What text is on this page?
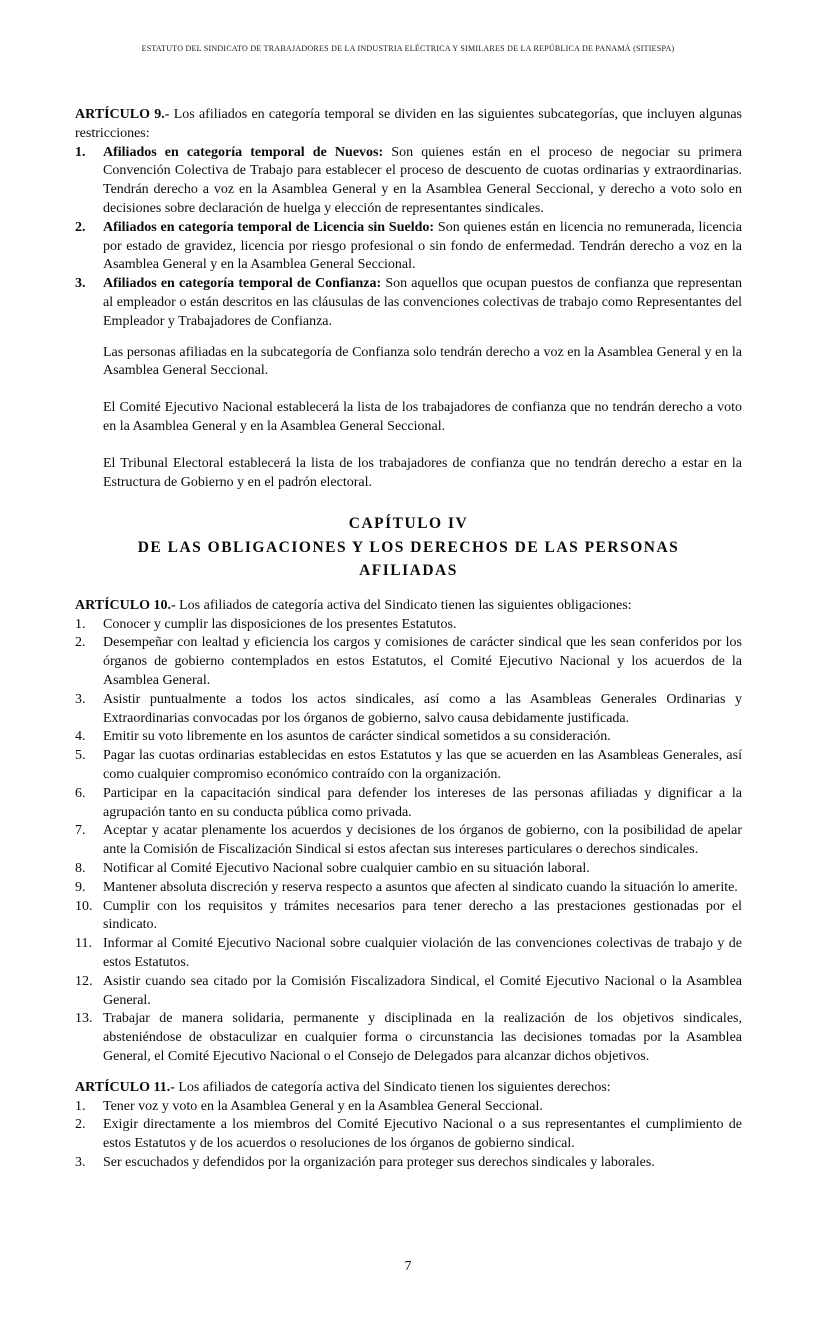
ESTATUTO DEL SINDICATO DE TRABAJADORES DE LA INDUSTRIA ELÉCTRICA Y SIMILARES DE LA REPÚBLICA DE PANAMÁ (SITIESPA)

ARTÍCULO 9.- Los afiliados en categoría temporal se dividen en las siguientes subcategorías, que incluyen algunas restricciones:

1. Afiliados en categoría temporal de Nuevos: Son quienes están en el proceso de negociar su primera Convención Colectiva de Trabajo para establecer el proceso de descuento de cuotas ordinarias y extraordinarias. Tendrán derecho a voz en la Asamblea General y en la Asamblea General Seccional, y derecho a voto solo en decisiones sobre declaración de huelga y elección de representantes sindicales.
2. Afiliados en categoría temporal de Licencia sin Sueldo: Son quienes están en licencia no remunerada, licencia por estado de gravidez, licencia por riesgo profesional o sin fondo de enfermedad. Tendrán derecho a voz en la Asamblea General y en la Asamblea General Seccional.
3. Afiliados en categoría temporal de Confianza: Son aquellos que ocupan puestos de confianza que representan al empleador o están descritos en las cláusulas de las convenciones colectivas de trabajo como Representantes del Empleador y Trabajadores de Confianza.

Las personas afiliadas en la subcategoría de Confianza solo tendrán derecho a voz en la Asamblea General y en la Asamblea General Seccional.

El Comité Ejecutivo Nacional establecerá la lista de los trabajadores de confianza que no tendrán derecho a voto en la Asamblea General y en la Asamblea General Seccional.

El Tribunal Electoral establecerá la lista de los trabajadores de confianza que no tendrán derecho a estar en la Estructura de Gobierno y en el padrón electoral.

CAPÍTULO IV
DE LAS OBLIGACIONES Y LOS DERECHOS DE LAS PERSONAS
AFILIADAS

ARTÍCULO 10.- Los afiliados de categoría activa del Sindicato tienen las siguientes obligaciones:

1. Conocer y cumplir las disposiciones de los presentes Estatutos.
2. Desempeñar con lealtad y eficiencia los cargos y comisiones de carácter sindical que les sean conferidos por los órganos de gobierno contemplados en estos Estatutos, el Comité Ejecutivo Nacional y los acuerdos de la Asamblea General.
3. Asistir puntualmente a todos los actos sindicales, así como a las Asambleas Generales Ordinarias y Extraordinarias convocadas por los órganos de gobierno, salvo causa debidamente justificada.
4. Emitir su voto libremente en los asuntos de carácter sindical sometidos a su consideración.
5. Pagar las cuotas ordinarias establecidas en estos Estatutos y las que se acuerden en las Asambleas Generales, así como cualquier compromiso económico contraído con la organización.
6. Participar en la capacitación sindical para defender los intereses de las personas afiliadas y dignificar a la agrupación tanto en su conducta pública como privada.
7. Aceptar y acatar plenamente los acuerdos y decisiones de los órganos de gobierno, con la posibilidad de apelar ante la Comisión de Fiscalización Sindical si estos afectan sus intereses particulares o derechos sindicales.
8. Notificar al Comité Ejecutivo Nacional sobre cualquier cambio en su situación laboral.
9. Mantener absoluta discreción y reserva respecto a asuntos que afecten al sindicato cuando la situación lo amerite.
10. Cumplir con los requisitos y trámites necesarios para tener derecho a las prestaciones gestionadas por el sindicato.
11. Informar al Comité Ejecutivo Nacional sobre cualquier violación de las convenciones colectivas de trabajo y de estos Estatutos.
12. Asistir cuando sea citado por la Comisión Fiscalizadora Sindical, el Comité Ejecutivo Nacional o la Asamblea General.
13. Trabajar de manera solidaria, permanente y disciplinada en la realización de los objetivos sindicales, absteniéndose de obstaculizar en cualquier forma o circunstancia las decisiones tomadas por la Asamblea General, el Comité Ejecutivo Nacional o el Consejo de Delegados para alcanzar dichos objetivos.

ARTÍCULO 11.- Los afiliados de categoría activa del Sindicato tienen los siguientes derechos:

1. Tener voz y voto en la Asamblea General y en la Asamblea General Seccional.
2. Exigir directamente a los miembros del Comité Ejecutivo Nacional o a sus representantes el cumplimiento de estos Estatutos y de los acuerdos o resoluciones de los órganos de gobierno sindical.
3. Ser escuchados y defendidos por la organización para proteger sus derechos sindicales y laborales.
7
